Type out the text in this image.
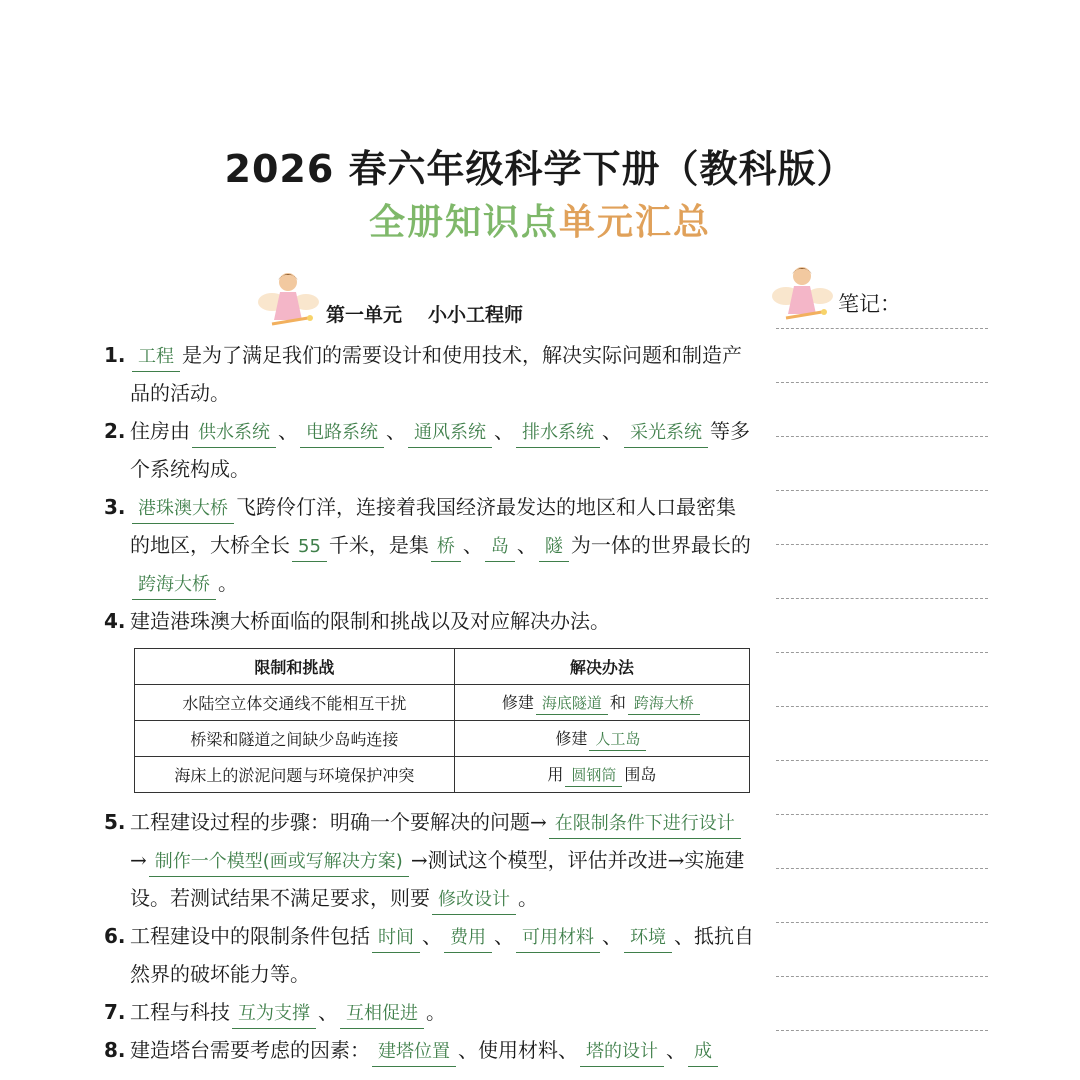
2026 春六年级科学下册（教科版）
全册知识点单元汇总
第一单元 小小工程师	笔记：
1. 工程 是为了满足我们的需要设计和使用技术，解决实际问题和制造产品的活动。
2. 住房由 供水系统 、 电路系统 、 通风系统 、 排水系统 、 采光系统 等多个系统构成。
3. 港珠澳大桥 飞跨伶仃洋，连接着我国经济最发达的地区和人口最密集的地区，大桥全长 55 千米，是集 桥 、 岛 、 隧 为一体的世界最长的跨海大桥 。
4. 建造港珠澳大桥面临的限制和挑战以及对应解决办法。
限制和挑战	解决办法
水陆空立体交通线不能相互干扰	修建 海底隧道 和 跨海大桥
桥梁和隧道之间缺少岛屿连接	修建 人工岛
海床上的淤泥问题与环境保护冲突	用 圆钢筒 围岛
5. 工程建设过程的步骤：明确一个要解决的问题→ 在限制条件下进行设计→ 制作一个模型(画或写解决方案) →测试这个模型，评估并改进→实施建设。若测试结果不满足要求，则要 修改设计 。
6. 工程建设中的限制条件包括 时间 、 费用 、 可用材料 、 环境 、抵抗自然界的破坏能力等。
7. 工程与科技 互为支撑 、 互相促进 。
8. 建造塔台需要考虑的因素： 建塔位置 、使用材料、 塔的设计 、 成
